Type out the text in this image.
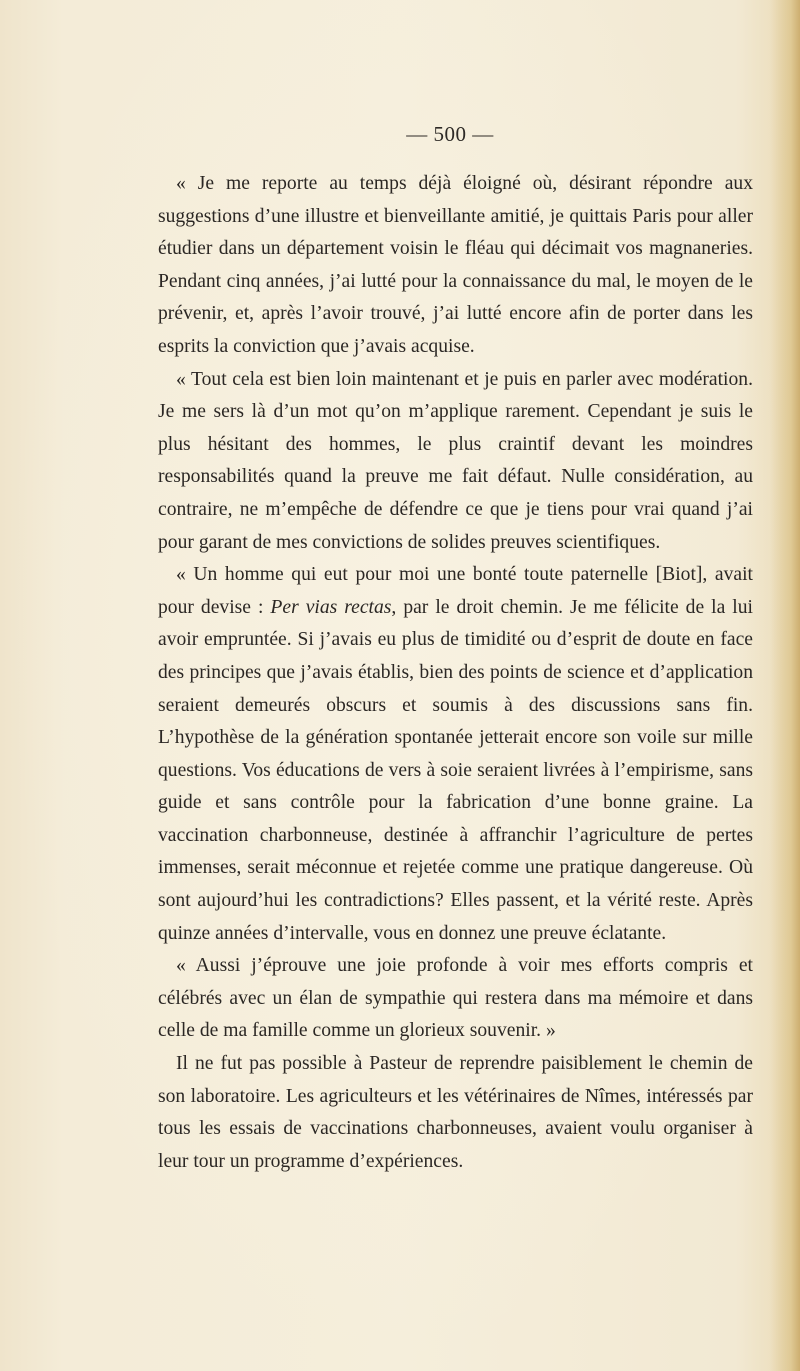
— 500 —

« Je me reporte au temps déjà éloigné où, désirant répondre aux suggestions d’une illustre et bienveillante amitié, je quittais Paris pour aller étudier dans un département voisin le fléau qui décimait vos magnaneries. Pendant cinq années, j’ai lutté pour la connaissance du mal, le moyen de le prévenir, et, après l’avoir trouvé, j’ai lutté encore afin de porter dans les esprits la conviction que j’avais acquise.

« Tout cela est bien loin maintenant et je puis en parler avec modération. Je me sers là d’un mot qu’on m’applique rarement. Cependant je suis le plus hésitant des hommes, le plus craintif devant les moindres responsabilités quand la preuve me fait défaut. Nulle considération, au contraire, ne m’empêche de défendre ce que je tiens pour vrai quand j’ai pour garant de mes convictions de solides preuves scientifiques.

« Un homme qui eut pour moi une bonté toute paternelle [Biot], avait pour devise : Per vias rectas, par le droit chemin. Je me félicite de la lui avoir empruntée. Si j’avais eu plus de timidité ou d’esprit de doute en face des principes que j’avais établis, bien des points de science et d’application seraient demeurés obscurs et soumis à des discussions sans fin. L’hypothèse de la génération spontanée jetterait encore son voile sur mille questions. Vos éducations de vers à soie seraient livrées à l’empirisme, sans guide et sans contrôle pour la fabrication d’une bonne graine. La vaccination charbonneuse, destinée à affranchir l’agriculture de pertes immenses, serait méconnue et rejetée comme une pratique dangereuse. Où sont aujourd’hui les contradictions? Elles passent, et la vérité reste. Après quinze années d’intervalle, vous en donnez une preuve éclatante.

« Aussi j’éprouve une joie profonde à voir mes efforts compris et célébrés avec un élan de sympathie qui restera dans ma mémoire et dans celle de ma famille comme un glorieux souvenir. »

Il ne fut pas possible à Pasteur de reprendre paisiblement le chemin de son laboratoire. Les agriculteurs et les vétérinaires de Nîmes, intéressés par tous les essais de vaccinations charbonneuses, avaient voulu organiser à leur tour un programme d’expériences.
